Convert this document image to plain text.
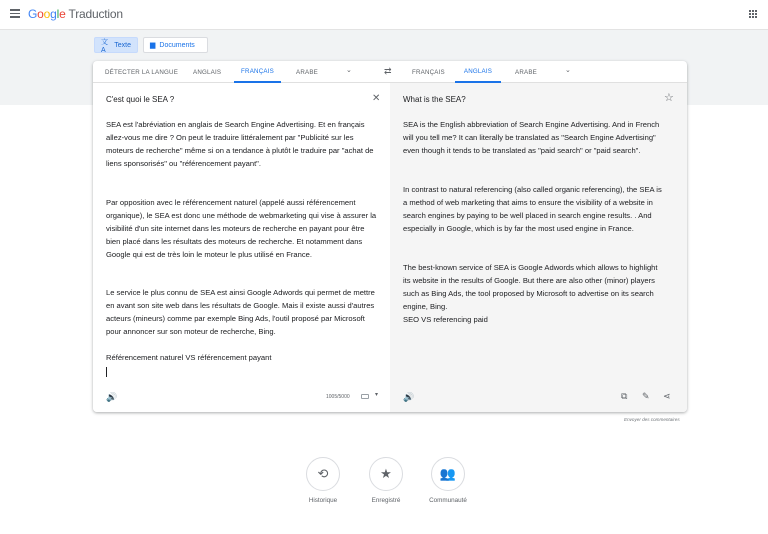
Google Traduction
文A
Texte	▆ Documents
DÉTECTER LA LANGUE ANGLAIS	FRANÇAIS	ARABE	⌄	⇄	FRANÇAIS	ANGLAIS	ARABE	⌄
C'est quoi le SEA ?	✕
SEA est l'abréviation en anglais de Search Engine Advertising. Et en français allez-vous me dire ? On peut le traduire littéralement par "Publicité sur les moteurs de recherche" même si on a tendance à plutôt le traduire par "achat de liens sponsorisés" ou "référencement payant".
Par opposition avec le référencement naturel (appelé aussi référencement organique), le SEA est donc une méthode de webmarketing qui vise à assurer la visibilité d'un site internet dans les moteurs de recherche en payant pour être bien placé dans les résultats des moteurs de recherche. Et notamment dans Google qui est de très loin le moteur le plus utilisé en France.
Le service le plus connu de SEA est ainsi Google Adwords qui permet de mettre en avant son site web dans les résultats de Google. Mais il existe aussi d'autres acteurs (mineurs) comme par exemple Bing Ads, l'outil proposé par Microsoft pour annoncer sur son moteur de recherche, Bing.
Référencement naturel VS référencement payant
🔊	1005/5000	▾
What is the SEA?	☆
SEA is the English abbreviation of Search Engine Advertising. And in French will you tell me? It can literally be translated as "Search Engine Advertising" even though it tends to be translated as "paid search" or "paid search".
In contrast to natural referencing (also called organic referencing), the SEA is a method of web marketing that aims to ensure the visibility of a website in search engines by paying to be well placed in search engine results. . And especially in Google, which is by far the most used engine in France.
The best-known service of SEA is Google Adwords which allows to highlight its website in the results of Google. But there are also other (minor) players such as Bing Ads, the tool proposed by Microsoft to advertise on its search engine, Bing.
SEO VS referencing paid
🔊	⧉ ✎ ⋖
Envoyer des commentaires
⟲
Historique
★
Enregistré
👥
Communauté
